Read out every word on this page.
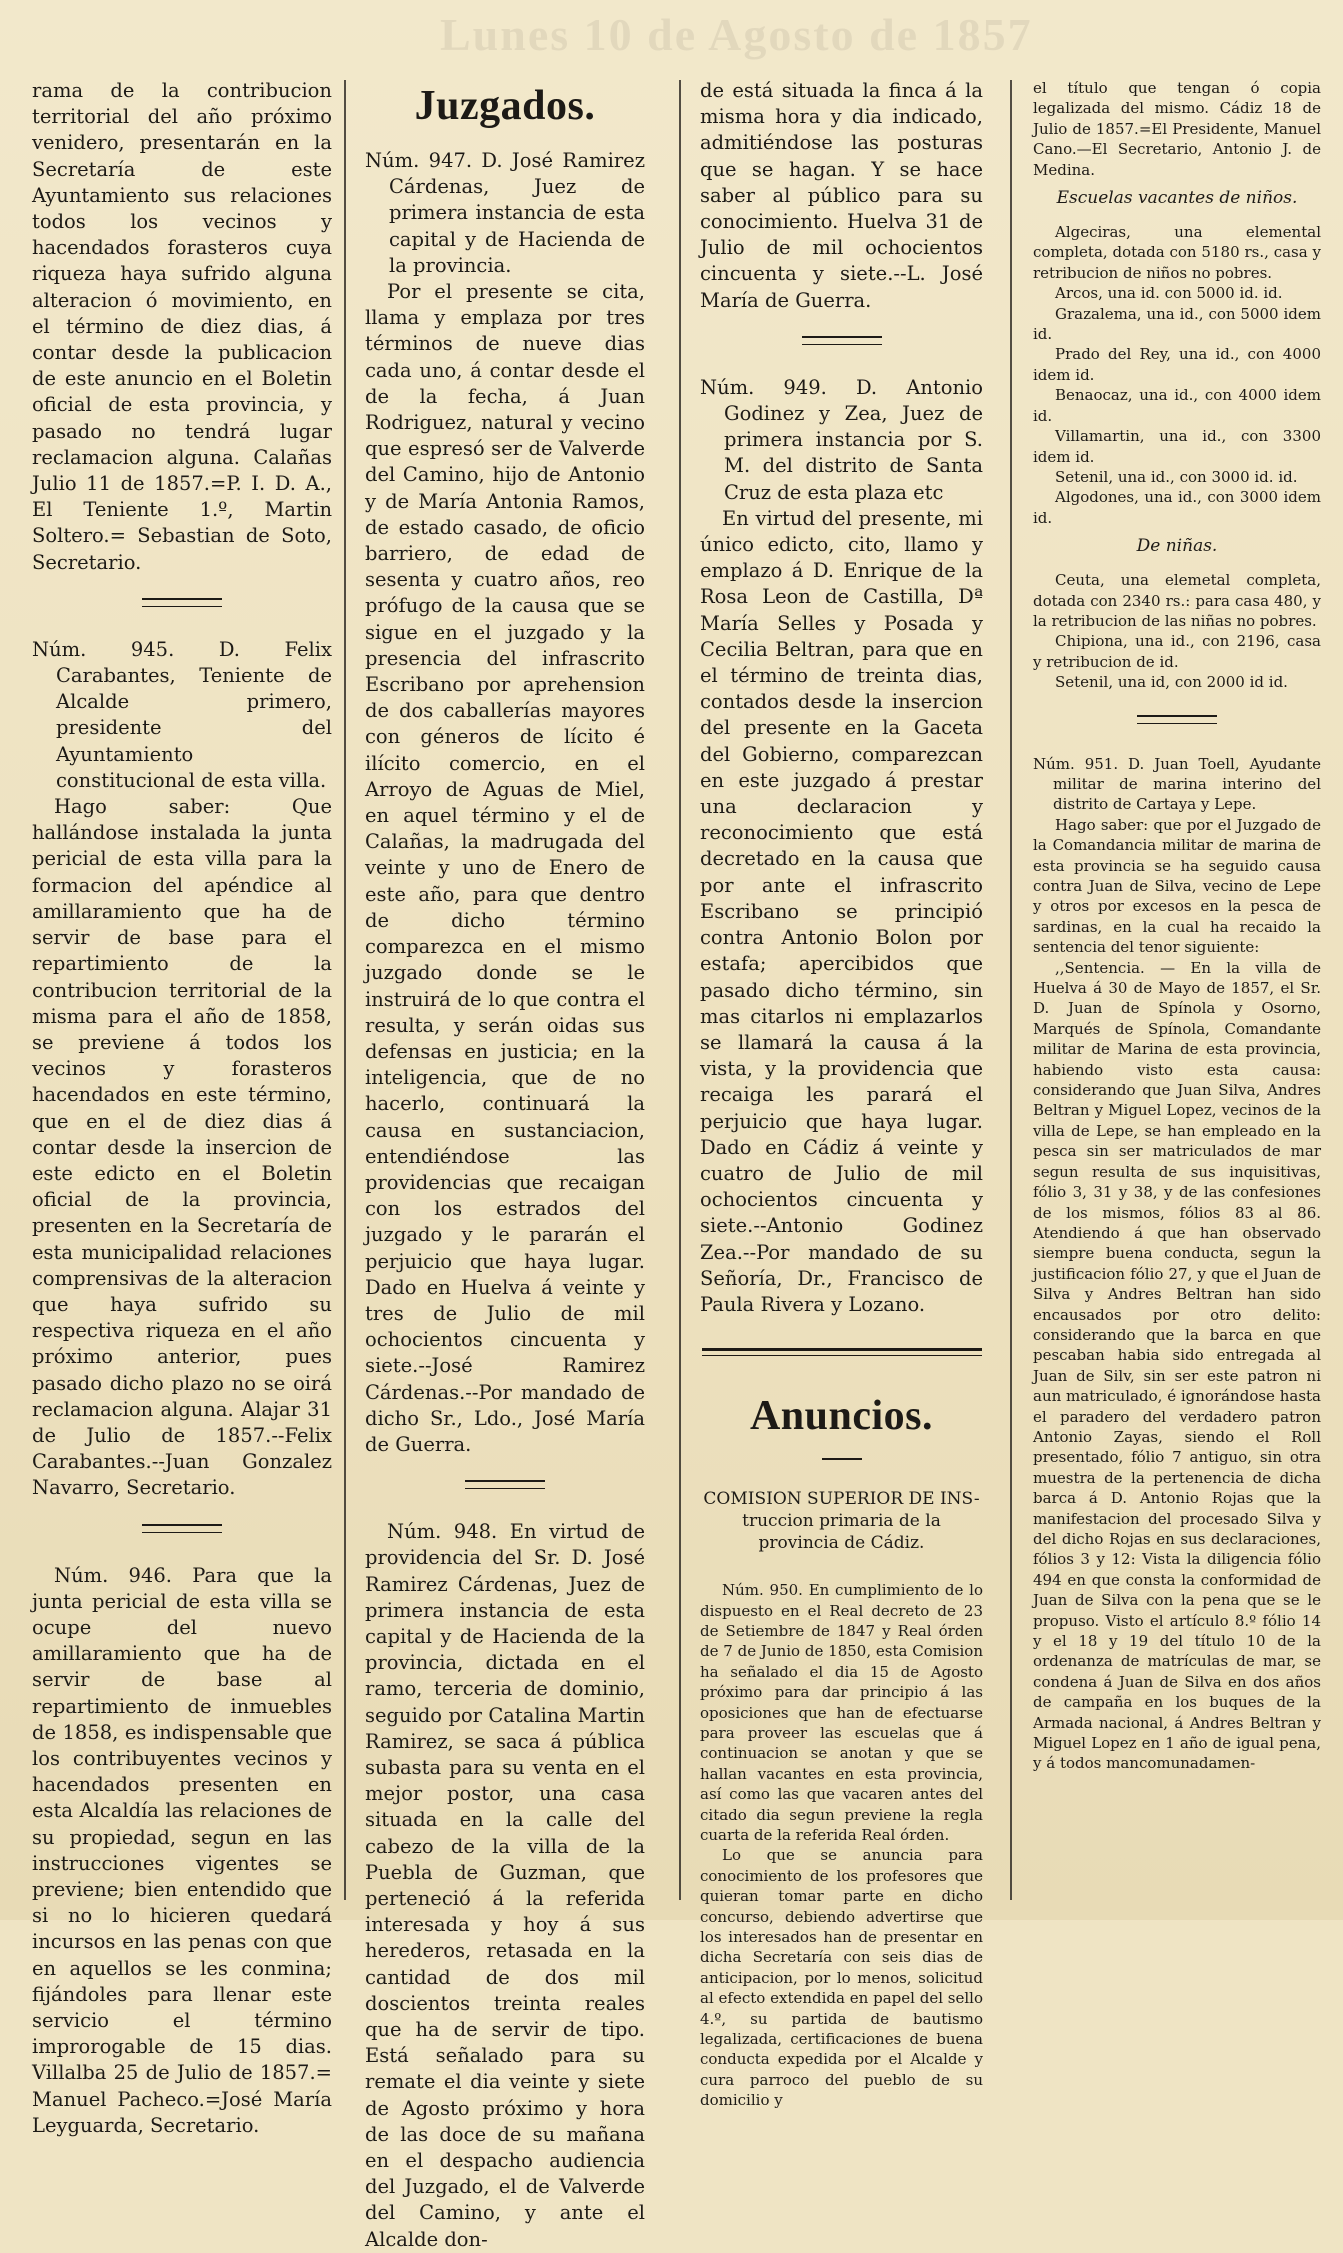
Lunes 10 de Agosto de 1857

rama de la contribucion territorial del año próximo venidero, presentarán en la Secretaría de este Ayuntamiento sus relaciones todos los vecinos y hacendados forasteros cuya riqueza haya sufrido alguna alteracion ó movimiento, en el término de diez dias, á contar desde la publicacion de este anuncio en el Boletin oficial de esta provincia, y pasado no tendrá lugar reclamacion alguna. Calañas Julio 11 de 1857.=P. I. D. A., El Teniente 1.º, Martin Soltero.= Sebastian de Soto, Secretario.

Núm. 945. D. Felix Carabantes, Teniente de Alcalde primero, presidente del Ayuntamiento constitucional de esta villa.

Hago saber: Que hallándose instalada la junta pericial de esta villa para la formacion del apéndice al amillaramiento que ha de servir de base para el repartimiento de la contribucion territorial de la misma para el año de 1858, se previene á todos los vecinos y forasteros hacendados en este término, que en el de diez dias á contar desde la insercion de este edicto en el Boletin oficial de la provincia, presenten en la Secretaría de esta municipalidad relaciones comprensivas de la alteracion que haya sufrido su respectiva riqueza en el año próximo anterior, pues pasado dicho plazo no se oirá reclamacion alguna. Alajar 31 de Julio de 1857.--Felix Carabantes.--Juan Gonzalez Navarro, Secretario.

Núm. 946. Para que la junta pericial de esta villa se ocupe del nuevo amillaramiento que ha de servir de base al repartimiento de inmuebles de 1858, es indispensable que los contribuyentes vecinos y hacendados presenten en esta Alcaldía las relaciones de su propiedad, segun en las instrucciones vigentes se previene; bien entendido que si no lo hicieren quedará incursos en las penas con que en aquellos se les conmina; fijándoles para llenar este servicio el término improrogable de 15 dias. Villalba 25 de Julio de 1857.= Manuel Pacheco.=José María Leyguarda, Secretario.

Juzgados.

Núm. 947. D. José Ramirez Cárdenas, Juez de primera instancia de esta capital y de Hacienda de la provincia.

Por el presente se cita, llama y emplaza por tres términos de nueve dias cada uno, á contar desde el de la fecha, á Juan Rodriguez, natural y vecino que espresó ser de Valverde del Camino, hijo de Antonio y de María Antonia Ramos, de estado casado, de oficio barriero, de edad de sesenta y cuatro años, reo prófugo de la causa que se sigue en el juzgado y la presencia del infrascrito Escribano por aprehension de dos caballerías mayores con géneros de lícito é ilícito comercio, en el Arroyo de Aguas de Miel, en aquel término y el de Calañas, la madrugada del veinte y uno de Enero de este año, para que dentro de dicho término comparezca en el mismo juzgado donde se le instruirá de lo que contra el resulta, y serán oidas sus defensas en justicia; en la inteligencia, que de no hacerlo, continuará la causa en sustanciacion, entendiéndose las providencias que recaigan con los estrados del juzgado y le pararán el perjuicio que haya lugar. Dado en Huelva á veinte y tres de Julio de mil ochocientos cincuenta y siete.--José Ramirez Cárdenas.--Por mandado de dicho Sr., Ldo., José María de Guerra.

Núm. 948. En virtud de providencia del Sr. D. José Ramirez Cárdenas, Juez de primera instancia de esta capital y de Hacienda de la provincia, dictada en el ramo, terceria de dominio, seguido por Catalina Martin Ramirez, se saca á pública subasta para su venta en el mejor postor, una casa situada en la calle del cabezo de la villa de la Puebla de Guzman, que perteneció á la referida interesada y hoy á sus herederos, retasada en la cantidad de dos mil doscientos treinta reales que ha de servir de tipo. Está señalado para su remate el dia veinte y siete de Agosto próximo y hora de las doce de su mañana en el despacho audiencia del Juzgado, el de Valverde del Camino, y ante el Alcalde don-

de está situada la finca á la misma hora y dia indicado, admitiéndose las posturas que se hagan. Y se hace saber al público para su conocimiento. Huelva 31 de Julio de mil ochocientos cincuenta y siete.--L. José María de Guerra.

Núm. 949. D. Antonio Godinez y Zea, Juez de primera instancia por S. M. del distrito de Santa Cruz de esta plaza etc

En virtud del presente, mi único edicto, cito, llamo y emplazo á D. Enrique de la Rosa Leon de Castilla, Dª María Selles y Posada y Cecilia Beltran, para que en el término de treinta dias, contados desde la insercion del presente en la Gaceta del Gobierno, comparezcan en este juzgado á prestar una declaracion y reconocimiento que está decretado en la causa que por ante el infrascrito Escribano se principió contra Antonio Bolon por estafa; apercibidos que pasado dicho término, sin mas citarlos ni emplazarlos se llamará la causa á la vista, y la providencia que recaiga les parará el perjuicio que haya lugar. Dado en Cádiz á veinte y cuatro de Julio de mil ochocientos cincuenta y siete.--Antonio Godinez Zea.--Por mandado de su Señoría, Dr., Francisco de Paula Rivera y Lozano.

Anuncios.
COMISION SUPERIOR DE INS-
truccion primaria de la provincia de Cádiz.

Núm. 950. En cumplimiento de lo dispuesto en el Real decreto de 23 de Setiembre de 1847 y Real órden de 7 de Junio de 1850, esta Comision ha señalado el dia 15 de Agosto próximo para dar principio á las oposiciones que han de efectuarse para proveer las escuelas que á continuacion se anotan y que se hallan vacantes en esta provincia, así como las que vacaren antes del citado dia segun previene la regla cuarta de la referida Real órden.

Lo que se anuncia para conocimiento de los profesores que quieran tomar parte en dicho concurso, debiendo advertirse que los interesados han de presentar en dicha Secretaría con seis dias de anticipacion, por lo menos, solicitud al efecto extendida en papel del sello 4.º, su partida de bautismo legalizada, certificaciones de buena conducta expedida por el Alcalde y cura parroco del pueblo de su domicilio y

el título que tengan ó copia legalizada del mismo. Cádiz 18 de Julio de 1857.=El Presidente, Manuel Cano.—El Secretario, Antonio J. de Medina.

Escuelas vacantes de niños.

Algeciras, una elemental completa, dotada con 5180 rs., casa y retribucion de niños no pobres.

Arcos, una id. con 5000 id. id.

Grazalema, una id., con 5000 idem id.

Prado del Rey, una id., con 4000 idem id.

Benaocaz, una id., con 4000 idem id.

Villamartin, una id., con 3300 idem id.

Setenil, una id., con 3000 id. id.

Algodones, una id., con 3000 idem id.

De niñas.

Ceuta, una elemetal completa, dotada con 2340 rs.: para casa 480, y la retribucion de las niñas no pobres.

Chipiona, una id., con 2196, casa y retribucion de id.

Setenil, una id, con 2000 id id.

Núm. 951. D. Juan Toell, Ayudante militar de marina interino del distrito de Cartaya y Lepe.

Hago saber: que por el Juzgado de la Comandancia militar de marina de esta provincia se ha seguido causa contra Juan de Silva, vecino de Lepe y otros por excesos en la pesca de sardinas, en la cual ha recaido la sentencia del tenor siguiente:

,,Sentencia. — En la villa de Huelva á 30 de Mayo de 1857, el Sr. D. Juan de Spínola y Osorno, Marqués de Spínola, Comandante militar de Marina de esta provincia, habiendo visto esta causa: considerando que Juan Silva, Andres Beltran y Miguel Lopez, vecinos de la villa de Lepe, se han empleado en la pesca sin ser matriculados de mar segun resulta de sus inquisitivas, fólio 3, 31 y 38, y de las confesiones de los mismos, fólios 83 al 86. Atendiendo á que han observado siempre buena conducta, segun la justificacion fólio 27, y que el Juan de Silva y Andres Beltran han sido encausados por otro delito: considerando que la barca en que pescaban habia sido entregada al Juan de Silv, sin ser este patron ni aun matriculado, é ignorándose hasta el paradero del verdadero patron Antonio Zayas, siendo el Roll presentado, fólio 7 antiguo, sin otra muestra de la pertenencia de dicha barca á D. Antonio Rojas que la manifestacion del procesado Silva y del dicho Rojas en sus declaraciones, fólios 3 y 12: Vista la diligencia fólio 494 en que consta la conformidad de Juan de Silva con la pena que se le propuso. Visto el artículo 8.º fólio 14 y el 18 y 19 del título 10 de la ordenanza de matrículas de mar, se condena á Juan de Silva en dos años de campaña en los buques de la Armada nacional, á Andres Beltran y Miguel Lopez en 1 año de igual pena, y á todos mancomunadamen-
